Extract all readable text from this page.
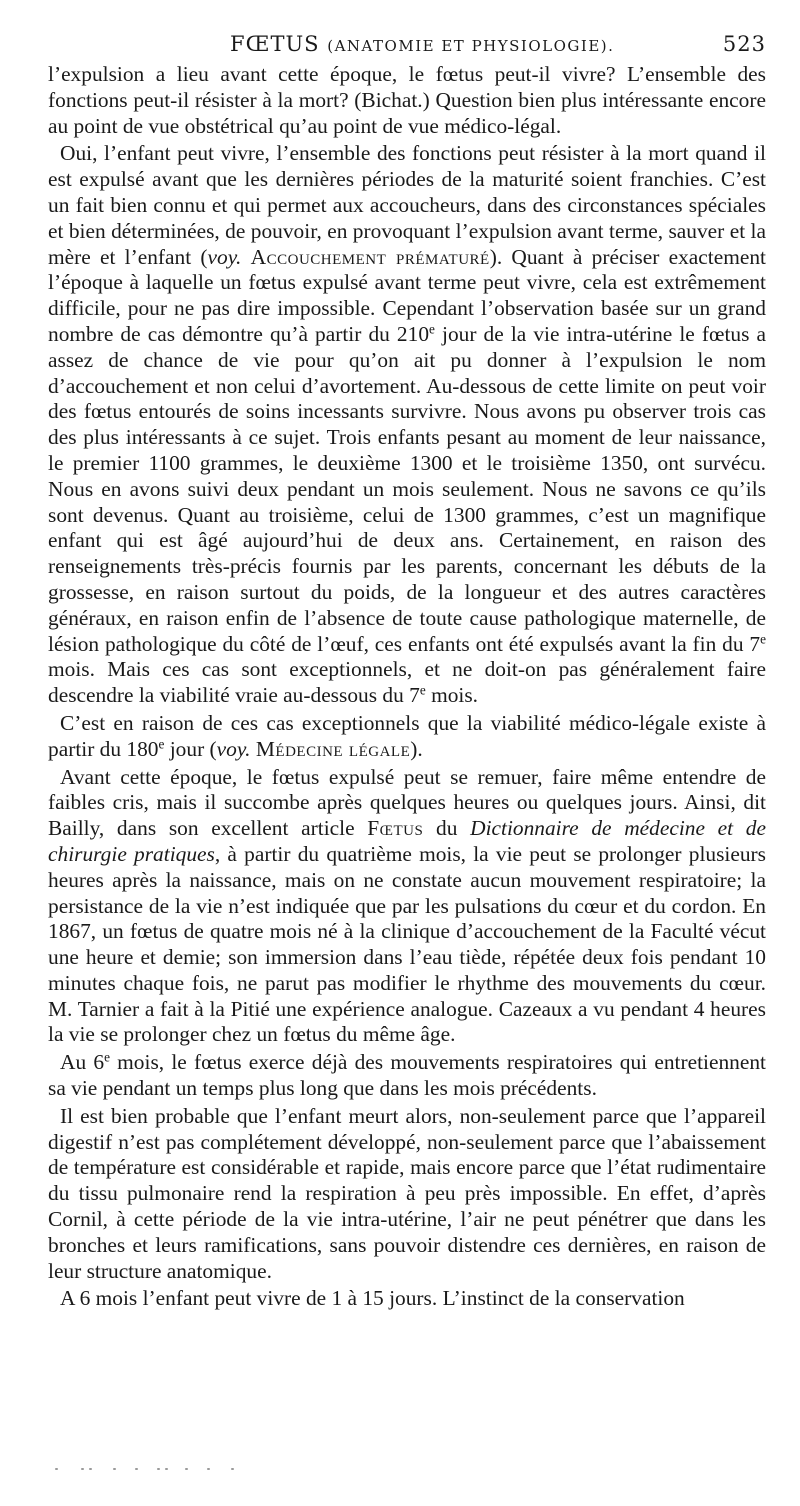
FŒTUS (ANATOMIE ET PHYSIOLOGIE).	523

l’expulsion a lieu avant cette époque, le fœtus peut-il vivre? L’ensemble des fonctions peut-il résister à la mort? (Bichat.) Question bien plus intéressante encore au point de vue obstétrical qu’au point de vue médico-légal.

Oui, l’enfant peut vivre, l’ensemble des fonctions peut résister à la mort quand il est expulsé avant que les dernières périodes de la maturité soient franchies. C’est un fait bien connu et qui permet aux accoucheurs, dans des circonstances spéciales et bien déterminées, de pouvoir, en provoquant l’expulsion avant terme, sauver et la mère et l’enfant (voy. Accouchement prématuré). Quant à préciser exactement l’époque à laquelle un fœtus expulsé avant terme peut vivre, cela est extrêmement difficile, pour ne pas dire impossible. Cependant l’observation basée sur un grand nombre de cas démontre qu’à partir du 210e jour de la vie intra-utérine le fœtus a assez de chance de vie pour qu’on ait pu donner à l’expulsion le nom d’accouchement et non celui d’avortement. Au-dessous de cette limite on peut voir des fœtus entourés de soins incessants survivre. Nous avons pu observer trois cas des plus intéressants à ce sujet. Trois enfants pesant au moment de leur naissance, le premier 1100 grammes, le deuxième 1300 et le troisième 1350, ont survécu. Nous en avons suivi deux pendant un mois seulement. Nous ne savons ce qu’ils sont devenus. Quant au troisième, celui de 1300 grammes, c’est un magnifique enfant qui est âgé aujourd’hui de deux ans. Certainement, en raison des renseignements très-précis fournis par les parents, concernant les débuts de la grossesse, en raison surtout du poids, de la longueur et des autres caractères généraux, en raison enfin de l’absence de toute cause pathologique maternelle, de lésion pathologique du côté de l’œuf, ces enfants ont été expulsés avant la fin du 7e mois. Mais ces cas sont exceptionnels, et ne doit-on pas généralement faire descendre la viabilité vraie au-dessous du 7e mois.

C’est en raison de ces cas exceptionnels que la viabilité médico-légale existe à partir du 180e jour (voy. Médecine légale).

Avant cette époque, le fœtus expulsé peut se remuer, faire même entendre de faibles cris, mais il succombe après quelques heures ou quelques jours. Ainsi, dit Bailly, dans son excellent article Fœtus du Dictionnaire de médecine et de chirurgie pratiques, à partir du quatrième mois, la vie peut se prolonger plusieurs heures après la naissance, mais on ne constate aucun mouvement respiratoire; la persistance de la vie n’est indiquée que par les pulsations du cœur et du cordon. En 1867, un fœtus de quatre mois né à la clinique d’accouchement de la Faculté vécut une heure et demie; son immersion dans l’eau tiède, répétée deux fois pendant 10 minutes chaque fois, ne parut pas modifier le rhythme des mouvements du cœur. M. Tarnier a fait à la Pitié une expérience analogue. Cazeaux a vu pendant 4 heures la vie se prolonger chez un fœtus du même âge.

Au 6e mois, le fœtus exerce déjà des mouvements respiratoires qui entretiennent sa vie pendant un temps plus long que dans les mois précédents.

Il est bien probable que l’enfant meurt alors, non-seulement parce que l’appareil digestif n’est pas complétement développé, non-seulement parce que l’abaissement de température est considérable et rapide, mais encore parce que l’état rudimentaire du tissu pulmonaire rend la respiration à peu près impossible. En effet, d’après Cornil, à cette période de la vie intra-utérine, l’air ne peut pénétrer que dans les bronches et leurs ramifications, sans pouvoir distendre ces dernières, en raison de leur structure anatomique.

A 6 mois l’enfant peut vivre de 1 à 15 jours. L’instinct de la conservation
